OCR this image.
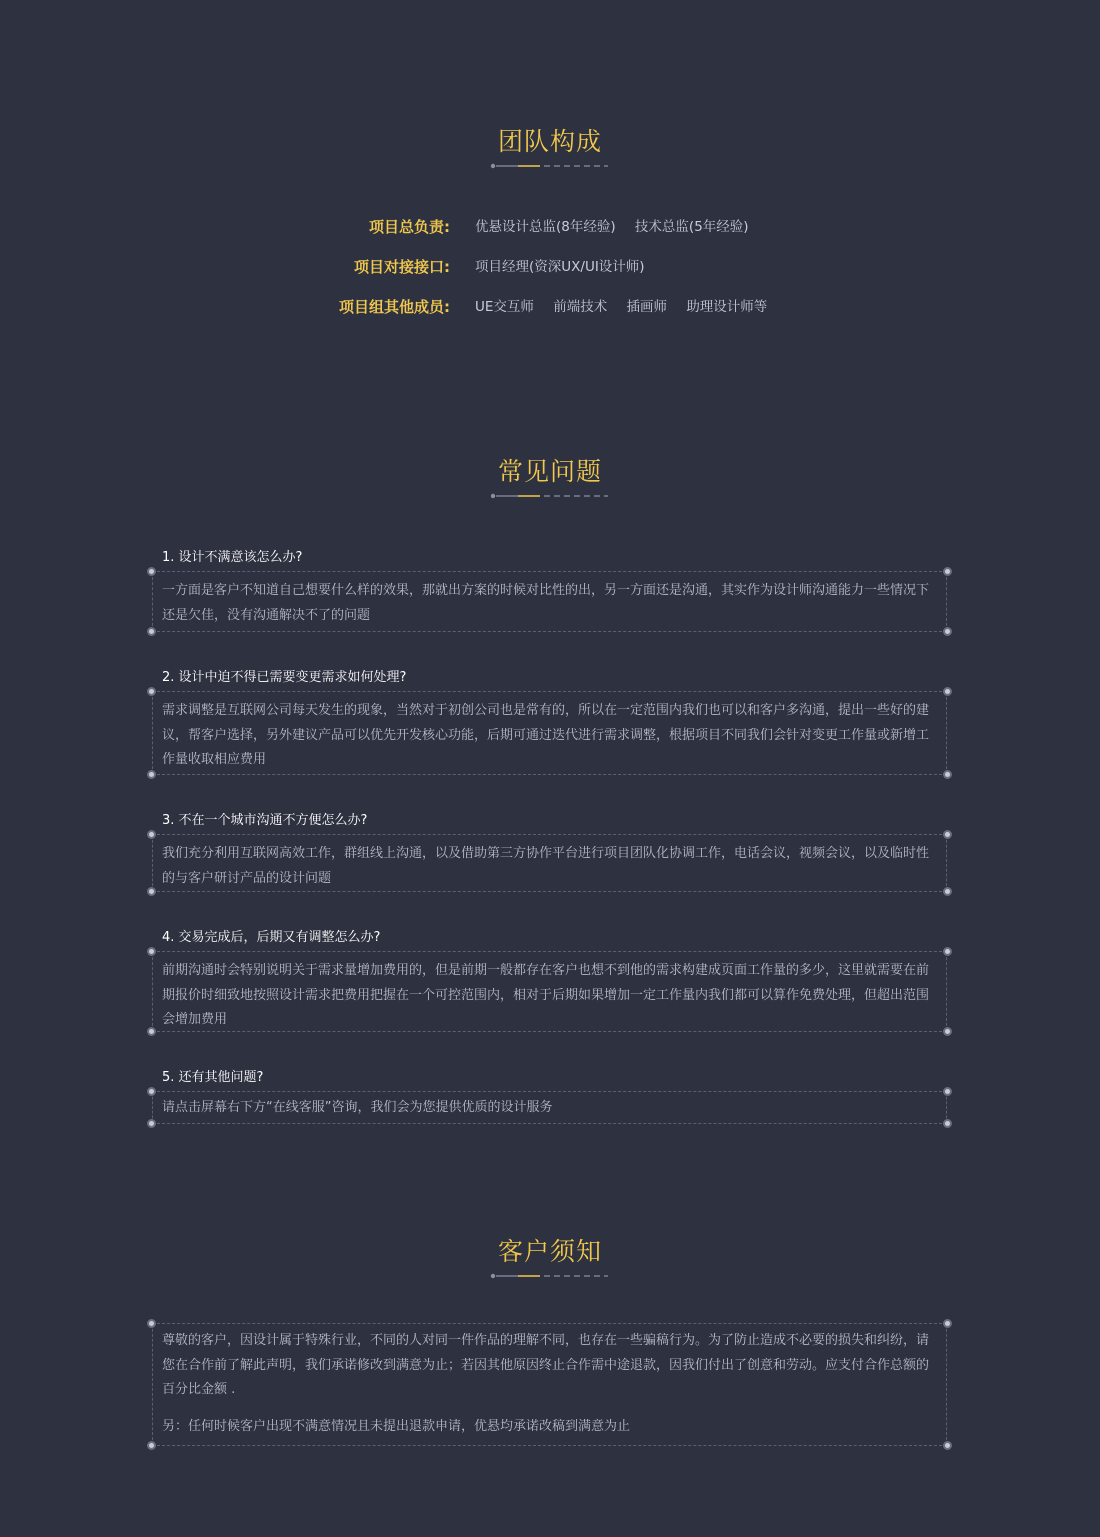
团队构成
项目总负责: 优悬设计总监(8年经验) 技术总监(5年经验)
项目对接接口: 项目经理(资深UX/UI设计师)
项目组其他成员: UE交互师 前端技术 插画师 助理设计师等
常见问题
1. 设计不满意该怎么办?
一方面是客户不知道自己想要什么样的效果，那就出方案的时候对比性的出，另一方面还是沟通，其实作为设计师沟通能力一些情况下还是欠佳，没有沟通解决不了的问题
2. 设计中迫不得已需要变更需求如何处理?
需求调整是互联网公司每天发生的现象，当然对于初创公司也是常有的，所以在一定范围内我们也可以和客户多沟通，提出一些好的建议，帮客户选择，另外建议产品可以优先开发核心功能，后期可通过迭代进行需求调整，根据项目不同我们会针对变更工作量或新增工作量收取相应费用
3. 不在一个城市沟通不方便怎么办?
我们充分利用互联网高效工作，群组线上沟通，以及借助第三方协作平台进行项目团队化协调工作，电话会议，视频会议，以及临时性的与客户研讨产品的设计问题
4. 交易完成后，后期又有调整怎么办?
前期沟通时会特别说明关于需求量增加费用的，但是前期一般都存在客户也想不到他的需求构建成页面工作量的多少，这里就需要在前期报价时细致地按照设计需求把费用把握在一个可控范围内，相对于后期如果增加一定工作量内我们都可以算作免费处理，但超出范围会增加费用
5. 还有其他问题?
请点击屏幕右下方“在线客服”咨询，我们会为您提供优质的设计服务
客户须知

尊敬的客户，因设计属于特殊行业，不同的人对同一件作品的理解不同，也存在一些骗稿行为。为了防止造成不必要的损失和纠纷，请您在合作前了解此声明，我们承诺修改到满意为止；若因其他原因终止合作需中途退款，因我们付出了创意和劳动。应支付合作总额的百分比金额 .

另：任何时候客户出现不满意情况且未提出退款申请，优悬均承诺改稿到满意为止
